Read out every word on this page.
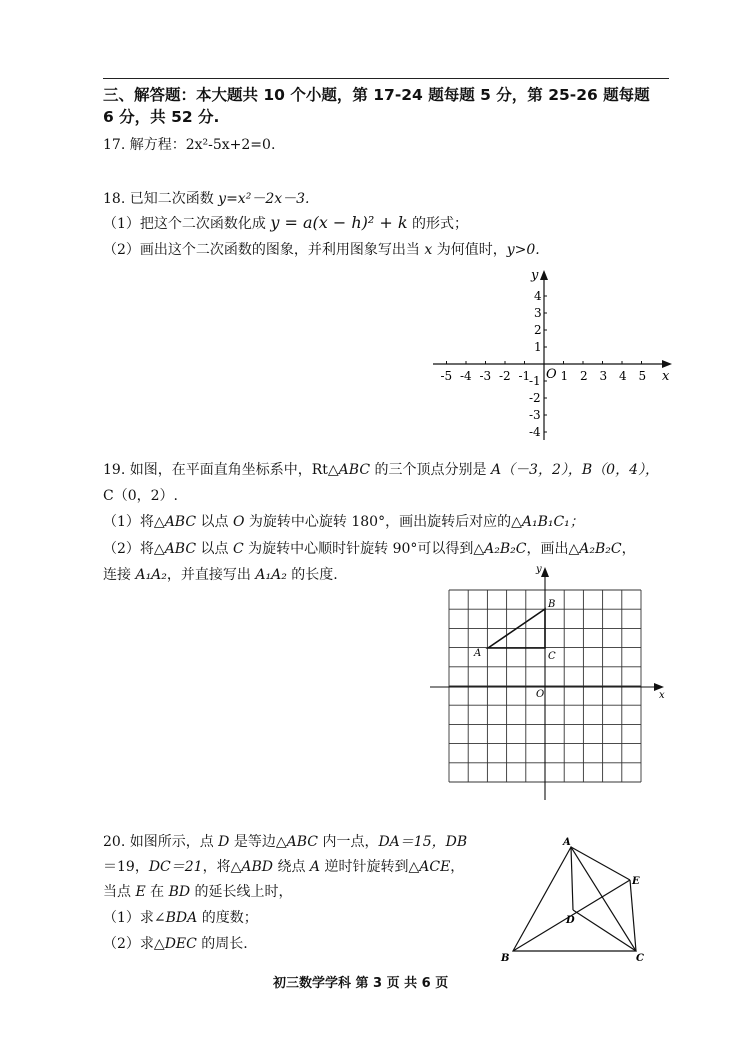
三、解答题：本大题共 10 个小题，第 17-24 题每题 5 分，第 25-26 题每题
6 分，共 52 分.
17. 解方程：2x²-5x+2=0.
18. 已知二次函数 y=x²－2x－3.
（1）把这个二次函数化成 y = a(x − h)² + k 的形式；
（2）画出这个二次函数的图象，并利用图象写出当 x 为何值时，y>0.
-5 -4 -3 -2 -1	1 2 3 4 5
4
3
2
1
-1
-2
-3
-4
x
y
O
19. 如图，在平面直角坐标系中，Rt△ABC 的三个顶点分别是 A（－3，2），B（0，4），
C（0，2）.
（1）将△ABC 以点 O 为旋转中心旋转 180°，画出旋转后对应的△A₁B₁C₁；
（2）将△ABC 以点 C 为旋转中心顺时针旋转 90°可以得到△A₂B₂C，画出△A₂B₂C，
连接 A₁A₂，并直接写出 A₁A₂ 的长度.
A
B
C
O	x
y
20. 如图所示，点 D 是等边△ABC 内一点，DA＝15，DB
＝19，DC＝21，将△ABD 绕点 A 逆时针旋转到△ACE，
当点 E 在 BD 的延长线上时，
（1）求∠BDA 的度数；
（2）求△DEC 的周长.
A
B	C
D
E
初三数学学科 第 3 页 共 6 页
